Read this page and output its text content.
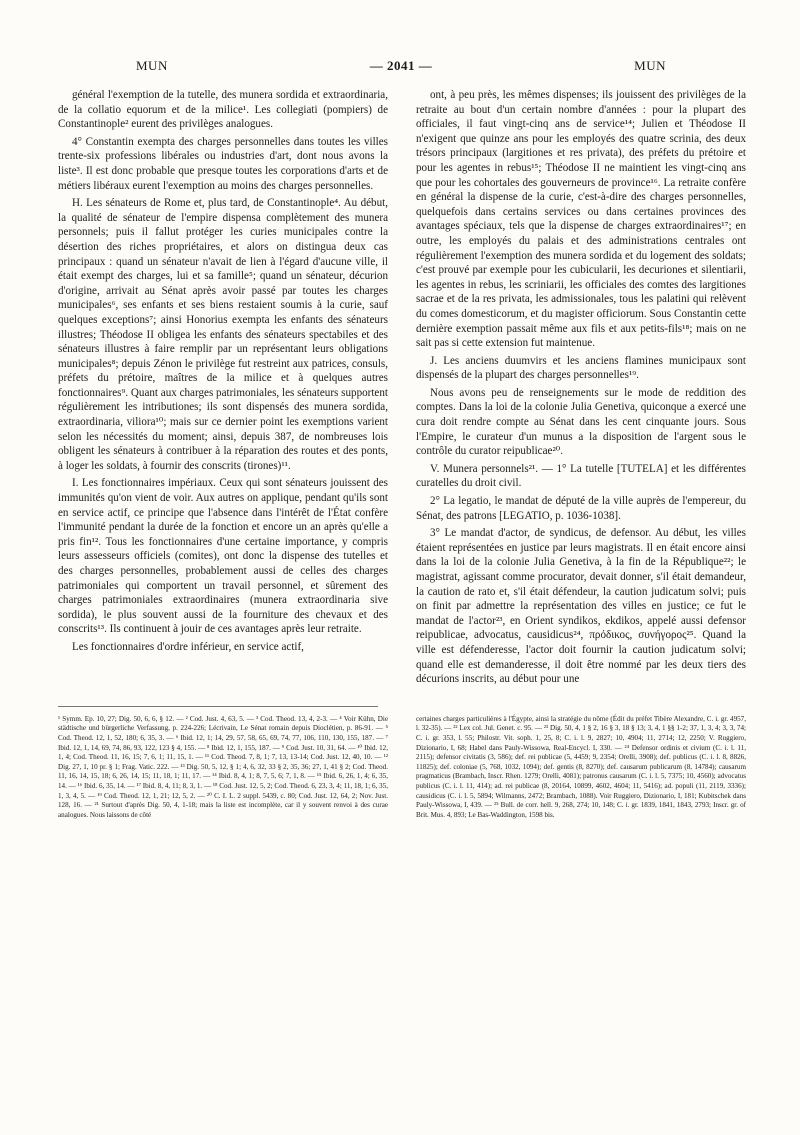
MUN	— 2041 —	MUN

général l'exemption de la tutelle, des munera sordida et extraordinaria, de la collatio equorum et de la milice¹. Les collegiati (pompiers) de Constantinople² eurent des privilèges analogues.

4° Constantin exempta des charges personnelles dans toutes les villes trente-six professions libérales ou industries d'art, dont nous avons la liste³. Il est donc probable que presque toutes les corporations d'arts et de métiers libéraux eurent l'exemption au moins des charges personnelles.

H. Les sénateurs de Rome et, plus tard, de Constantinople⁴. Au début, la qualité de sénateur de l'empire dispensa complètement des munera personnels; puis il fallut protéger les curies municipales contre la désertion des riches propriétaires, et alors on distingua deux cas principaux : quand un sénateur n'avait de lien à l'égard d'aucune ville, il était exempt des charges, lui et sa famille⁵; quand un sénateur, décurion d'origine, arrivait au Sénat après avoir passé par toutes les charges municipales⁶, ses enfants et ses biens restaient soumis à la curie, sauf quelques exceptions⁷; ainsi Honorius exempta les enfants des sénateurs illustres; Théodose II obligea les enfants des sénateurs spectabiles et des sénateurs illustres à faire remplir par un représentant leurs obligations municipales⁸; depuis Zénon le privilège fut restreint aux patrices, consuls, préfets du prétoire, maîtres de la milice et à quelques autres fonctionnaires⁹. Quant aux charges patrimoniales, les sénateurs supportent régulièrement les intributiones; ils sont dispensés des munera sordida, extraordinaria, viliora¹⁰; mais sur ce dernier point les exemptions varient selon les nécessités du moment; ainsi, depuis 387, de nombreuses lois obligent les sénateurs à contribuer à la réparation des routes et des ponts, à loger les soldats, à fournir des conscrits (tirones)¹¹.

I. Les fonctionnaires impériaux. Ceux qui sont sénateurs jouissent des immunités qu'on vient de voir. Aux autres on applique, pendant qu'ils sont en service actif, ce principe que l'absence dans l'intérêt de l'État confère l'immunité pendant la durée de la fonction et encore un an après qu'elle a pris fin¹². Tous les fonctionnaires d'une certaine importance, y compris leurs assesseurs officiels (comites), ont donc la dispense des tutelles et des charges personnelles, probablement aussi de celles des charges patrimoniales qui comportent un travail personnel, et sûrement des charges patrimoniales extraordinaires (munera extraordinaria sive sordida), le plus souvent aussi de la fourniture des chevaux et des conscrits¹³. Ils continuent à jouir de ces avantages après leur retraite.

Les fonctionnaires d'ordre inférieur, en service actif,

ont, à peu près, les mêmes dispenses; ils jouissent des privilèges de la retraite au bout d'un certain nombre d'années : pour la plupart des officiales, il faut vingt-cinq ans de service¹⁴; Julien et Théodose II n'exigent que quinze ans pour les employés des quatre scrinia, des deux trésors principaux (largitiones et res privata), des préfets du prétoire et pour les agentes in rebus¹⁵; Théodose II ne maintient les vingt-cinq ans que pour les cohortales des gouverneurs de province¹⁶. La retraite confère en général la dispense de la curie, c'est-à-dire des charges personnelles, quelquefois dans certains services ou dans certaines provinces des avantages spéciaux, tels que la dispense de charges extraordinaires¹⁷; en outre, les employés du palais et des administrations centrales ont régulièrement l'exemption des munera sordida et du logement des soldats; c'est prouvé par exemple pour les cubicularii, les decuriones et silentiarii, les agentes in rebus, les scriniarii, les officiales des comtes des largitiones sacrae et de la res privata, les admissionales, tous les palatini qui relèvent du comes domesticorum, et du magister officiorum. Sous Constantin cette dernière exemption passait même aux fils et aux petits-fils¹⁸; mais on ne sait pas si cette extension fut maintenue.

J. Les anciens duumvirs et les anciens flamines municipaux sont dispensés de la plupart des charges personnelles¹⁹.

Nous avons peu de renseignements sur le mode de reddition des comptes. Dans la loi de la colonie Julia Genetiva, quiconque a exercé une cura doit rendre compte au Sénat dans les cent cinquante jours. Sous l'Empire, le curateur d'un munus a la disposition de l'argent sous le contrôle du curator reipublicae²⁰.

V. Munera personnels²¹. — 1° La tutelle [TUTELA] et les différentes curatelles du droit civil.

2° La legatio, le mandat de député de la ville auprès de l'empereur, du Sénat, des patrons [LEGATIO, p. 1036-1038].

3° Le mandat d'actor, de syndicus, de defensor. Au début, les villes étaient représentées en justice par leurs magistrats. Il en était encore ainsi dans la loi de la colonie Julia Genetiva, à la fin de la République²²; le magistrat, agissant comme procurator, devait donner, s'il était demandeur, la caution de rato et, s'il était défendeur, la caution judicatum solvi; puis on finit par admettre la représentation des villes en justice; ce fut le mandat de l'actor²³, en Orient syndikos, ekdikos, appelé aussi defensor reipublicae, advocatus, causidicus²⁴, πρόδικος, συνήγορος²⁵. Quand la ville est défenderesse, l'actor doit fournir la caution judicatum solvi; quand elle est demanderesse, il doit être nommé par les deux tiers des décurions inscrits, au début pour une

¹ Symm. Ep. 10, 27; Dig. 50, 6, 6, § 12. — ² Cod. Just. 4, 63, 5. — ³ Cod. Theod. 13, 4, 2-3. — ⁴ Voir Kühn, Die städtische und bürgerliche Verfassung, p. 224-226; Lécrivain, Le Sénat romain depuis Dioclétien, p. 86-91. — ⁵ Cod. Theod. 12, 1, 52, 180; 6, 35, 3. — ⁶ Ibid. 12, 1; 14, 29, 57, 58, 65, 69, 74, 77, 106, 110, 130, 155, 187. — ⁷ Ibid. 12, 1, 14, 69, 74, 86, 93, 122, 123 § 4, 155. — ⁸ Ibid. 12, 1, 155, 187. — ⁹ Cod. Just. 10, 31, 64. — ¹⁰ Ibid. 12, 1, 4; Cod. Theod. 11, 16, 15; 7, 6, 1; 11, 15, 1. — ¹¹ Cod. Theod. 7, 8, 1; 7, 13, 13-14; Cod. Just. 12, 40, 10. — ¹² Dig. 27, 1, 10 pr. § 1; Frag. Vatic. 222. — ¹³ Dig. 50, 5, 12, § 1; 4, 6, 32, 33 § 2, 35, 36; 27, 1, 41 § 2; Cod. Theod. 11, 16, 14, 15, 18; 6, 26, 14, 15; 11, 18, 1; 11, 17. — ¹⁴ Ibid. 8, 4, 1; 8, 7, 5, 6; 7, 1, 8. — ¹⁵ Ibid. 6, 26, 1, 4; 6, 35, 14. — ¹⁶ Ibid. 6, 35, 14. — ¹⁷ Ibid. 8, 4, 11; 8, 3, 1. — ¹⁸ Cod. Just. 12, 5, 2; Cod. Theod. 6, 23, 3, 4; 11, 18, 1; 6, 35, 1, 3, 4, 5. — ¹⁹ Cod. Theod. 12, 1, 21; 12, 5, 2. — ²⁰ C. I. L. 2 suppl. 5439, c. 80; Cod. Just. 12, 64, 2; Nov. Just. 128, 16. — ²¹ Surtout d'après Dig. 50, 4, 1-18; mais la liste est incomplète, car il y souvent renvoi à des curae analogues. Nous laissons de côté
certaines charges particulières à l'Égypte, ainsi la stratégie du nôme (Édit du préfet Tibère Alexandre, C. i. gr. 4957, l. 32-35). — ²² Lex col. Jul. Genet. c. 95. — ²³ Dig. 50, 4, 1 § 2, 16 § 3, 18 § 13; 3, 4, 1 §§ 1-2; 37, 1, 3, 4; 3, 3, 74; C. i. gr. 353, l. 55; Philostr. Vit. soph. 1, 25, 8; C. i. l. 9, 2827; 10, 4904; 11, 2714; 12, 2250; V. Ruggiero, Dizionario, I, 68; Habel dans Pauly-Wissowa, Real-Encycl. I, 330. — ²⁴ Defensor ordinis et civium (C. i. l. 11, 2115); defensor civitatis (3, 586); def. rei publicae (5, 4459; 9, 2354; Orelli, 3908); def. publicus (C. i. l. 8, 8826, 11825); def. coloniae (5, 768, 1032, 1094); def. gentis (8, 8270); def. causarum publicarum (8, 14784); causarum pragmaticus (Brambach, Inscr. Rhen. 1279; Orelli, 4081); patronus causarum (C. i. l. 5, 7375; 10, 4560); advocatus publicus (C. i. l. 11, 414); ad. rei publicae (8, 20164, 10899, 4602, 4604; 11, 5416); ad. populi (11, 2119, 3336); causidicus (C. i. l. 5, 5894; Wilmanns, 2472; Brambach, 1088). Voir Ruggiero, Dizionario, I, 181; Kubitschek dans Pauly-Wissowa, I, 439. — ²⁵ Bull. de corr. hell. 9, 268, 274; 10, 148; C. i. gr. 1839, 1841, 1843, 2793; Inscr. gr. of Brit. Mus. 4, 893; Le Bas-Waddington, 1598 bis.
